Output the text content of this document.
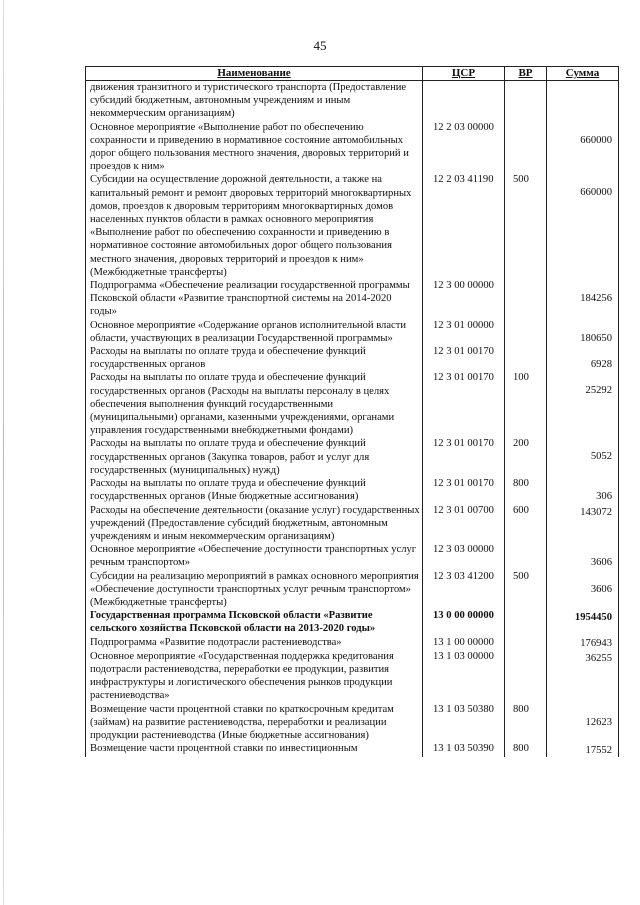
45
Наименование	ЦСР	ВР	Сумма
движения транзитного и туристического транспорта (Предоставление субсидий бюджетным, автономным учреждениям и иным некоммерческим организациям)			
Основное мероприятие «Выполнение работ по обеспечению сохранности и приведению в нормативное состояние автомобильных дорог общего пользования местного значения, дворовых территорий и проездов к ним»	12 2 03 00000		660000
Субсидии на осуществление дорожной деятельности, а также на капитальный ремонт и ремонт дворовых территорий многоквартирных домов, проездов к дворовым территориям многоквартирных домов населенных пунктов области в рамках основного мероприятия «Выполнение работ по обеспечению сохранности и приведению в нормативное состояние автомобильных дорог общего пользования местного значения, дворовых территорий и проездов к ним» (Межбюджетные трансферты)	12 2 03 41190	500	660000
Подпрограмма «Обеспечение реализации государственной программы Псковской области «Развитие транспортной системы на 2014-2020 годы»	12 3 00 00000		184256
Основное мероприятие «Содержание органов исполнительной власти области, участвующих в реализации Государственной программы»	12 3 01 00000		180650
Расходы на выплаты по оплате труда и обеспечение функций государственных органов	12 3 01 00170		6928
Расходы на выплаты по оплате труда и обеспечение функций государственных органов (Расходы на выплаты персоналу в целях обеспечения выполнения функций государственными (муниципальными) органами, казенными учреждениями, органами управления государственными внебюджетными фондами)	12 3 01 00170	100	25292
Расходы на выплаты по оплате труда и обеспечение функций государственных органов (Закупка товаров, работ и услуг для государственных (муниципальных) нужд)	12 3 01 00170	200	5052
Расходы на выплаты по оплате труда и обеспечение функций государственных органов (Иные бюджетные ассигнования)	12 3 01 00170	800	306
Расходы на обеспечение деятельности (оказание услуг) государственных учреждений (Предоставление субсидий бюджетным, автономным учреждениям и иным некоммерческим организациям)	12 3 01 00700	600	143072
Основное мероприятие «Обеспечение доступности транспортных услуг речным транспортом»	12 3 03 00000		3606
Субсидии на реализацию мероприятий в рамках основного мероприятия «Обеспечение доступности транспортных услуг речным транспортом» (Межбюджетные трансферты)	12 3 03 41200	500	3606
Государственная программа Псковской области «Развитие сельского хозяйства Псковской области на 2013-2020 годы»	13 0 00 00000		1954450
Подпрограмма «Развитие подотрасли растениеводства»	13 1 00 00000		176943
Основное мероприятие «Государственная поддержка кредитования подотрасли растениеводства, переработки ее продукции, развития инфраструктуры и логистического обеспечения рынков продукции растениеводства»	13 1 03 00000		36255
Возмещение части процентной ставки по краткосрочным кредитам (займам) на развитие растениеводства, переработки и реализации продукции растениеводства (Иные бюджетные ассигнования)	13 1 03 50380	800	12623
Возмещение части процентной ставки по инвестиционным	13 1 03 50390	800	17552
